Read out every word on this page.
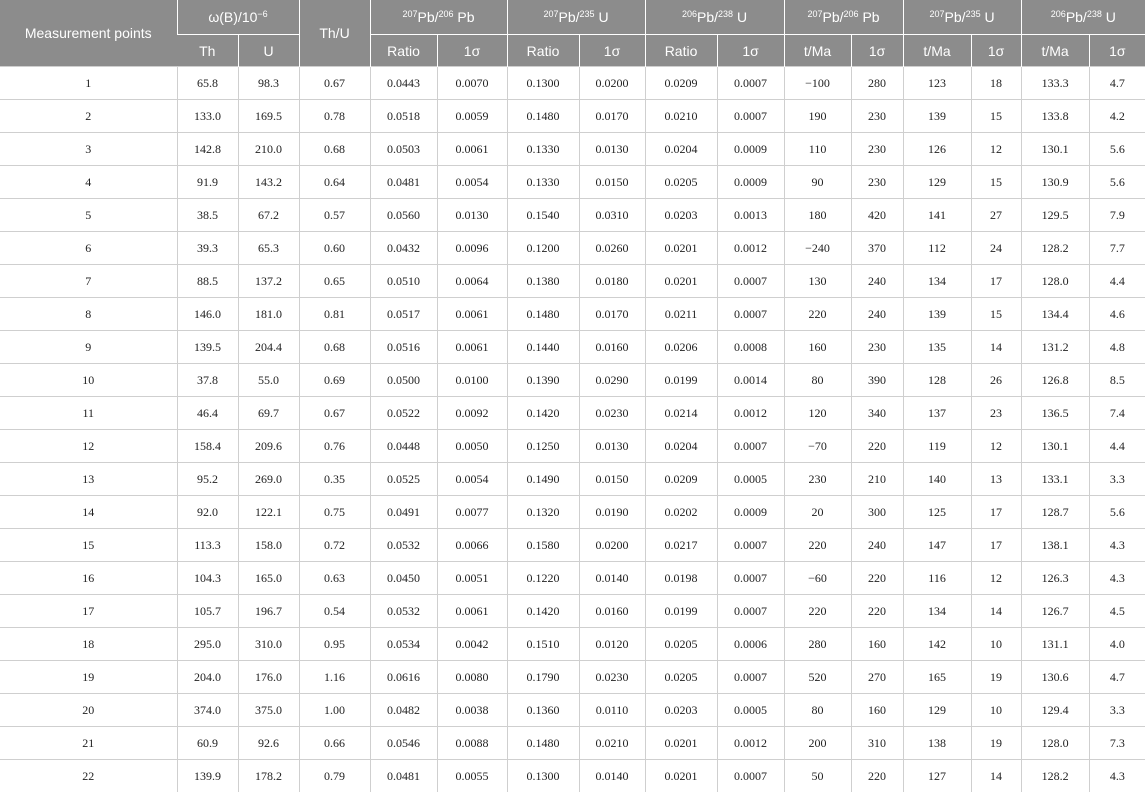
Measurement points	$\omega(B)/10^{-6}$		Th/U	$^{207}$Pb/$^{206}$ Pb		$^{207}$Pb/$^{235}$ U		$^{206}$Pb/$^{238}$ U		$^{207}$Pb/$^{206}$ Pb		$^{207}$Pb/$^{235}$ U		$^{206}$Pb/$^{238}$ U	
	Th	U		Ratio	1σ	Ratio	1σ	Ratio	1σ	t/Ma	1σ	t/Ma	1σ	t/Ma	1σ
1	65.8	98.3	0.67	0.0443	0.0070	0.1300	0.0200	0.0209	0.0007	−100	280	123	18	133.3	4.7
2	133.0	169.5	0.78	0.0518	0.0059	0.1480	0.0170	0.0210	0.0007	190	230	139	15	133.8	4.2
3	142.8	210.0	0.68	0.0503	0.0061	0.1330	0.0130	0.0204	0.0009	110	230	126	12	130.1	5.6
4	91.9	143.2	0.64	0.0481	0.0054	0.1330	0.0150	0.0205	0.0009	90	230	129	15	130.9	5.6
5	38.5	67.2	0.57	0.0560	0.0130	0.1540	0.0310	0.0203	0.0013	180	420	141	27	129.5	7.9
6	39.3	65.3	0.60	0.0432	0.0096	0.1200	0.0260	0.0201	0.0012	−240	370	112	24	128.2	7.7
7	88.5	137.2	0.65	0.0510	0.0064	0.1380	0.0180	0.0201	0.0007	130	240	134	17	128.0	4.4
8	146.0	181.0	0.81	0.0517	0.0061	0.1480	0.0170	0.0211	0.0007	220	240	139	15	134.4	4.6
9	139.5	204.4	0.68	0.0516	0.0061	0.1440	0.0160	0.0206	0.0008	160	230	135	14	131.2	4.8
10	37.8	55.0	0.69	0.0500	0.0100	0.1390	0.0290	0.0199	0.0014	80	390	128	26	126.8	8.5
11	46.4	69.7	0.67	0.0522	0.0092	0.1420	0.0230	0.0214	0.0012	120	340	137	23	136.5	7.4
12	158.4	209.6	0.76	0.0448	0.0050	0.1250	0.0130	0.0204	0.0007	−70	220	119	12	130.1	4.4
13	95.2	269.0	0.35	0.0525	0.0054	0.1490	0.0150	0.0209	0.0005	230	210	140	13	133.1	3.3
14	92.0	122.1	0.75	0.0491	0.0077	0.1320	0.0190	0.0202	0.0009	20	300	125	17	128.7	5.6
15	113.3	158.0	0.72	0.0532	0.0066	0.1580	0.0200	0.0217	0.0007	220	240	147	17	138.1	4.3
16	104.3	165.0	0.63	0.0450	0.0051	0.1220	0.0140	0.0198	0.0007	−60	220	116	12	126.3	4.3
17	105.7	196.7	0.54	0.0532	0.0061	0.1420	0.0160	0.0199	0.0007	220	220	134	14	126.7	4.5
18	295.0	310.0	0.95	0.0534	0.0042	0.1510	0.0120	0.0205	0.0006	280	160	142	10	131.1	4.0
19	204.0	176.0	1.16	0.0616	0.0080	0.1790	0.0230	0.0205	0.0007	520	270	165	19	130.6	4.7
20	374.0	375.0	1.00	0.0482	0.0038	0.1360	0.0110	0.0203	0.0005	80	160	129	10	129.4	3.3
21	60.9	92.6	0.66	0.0546	0.0088	0.1480	0.0210	0.0201	0.0012	200	310	138	19	128.0	7.3
22	139.9	178.2	0.79	0.0481	0.0055	0.1300	0.0140	0.0201	0.0007	50	220	127	14	128.2	4.3
